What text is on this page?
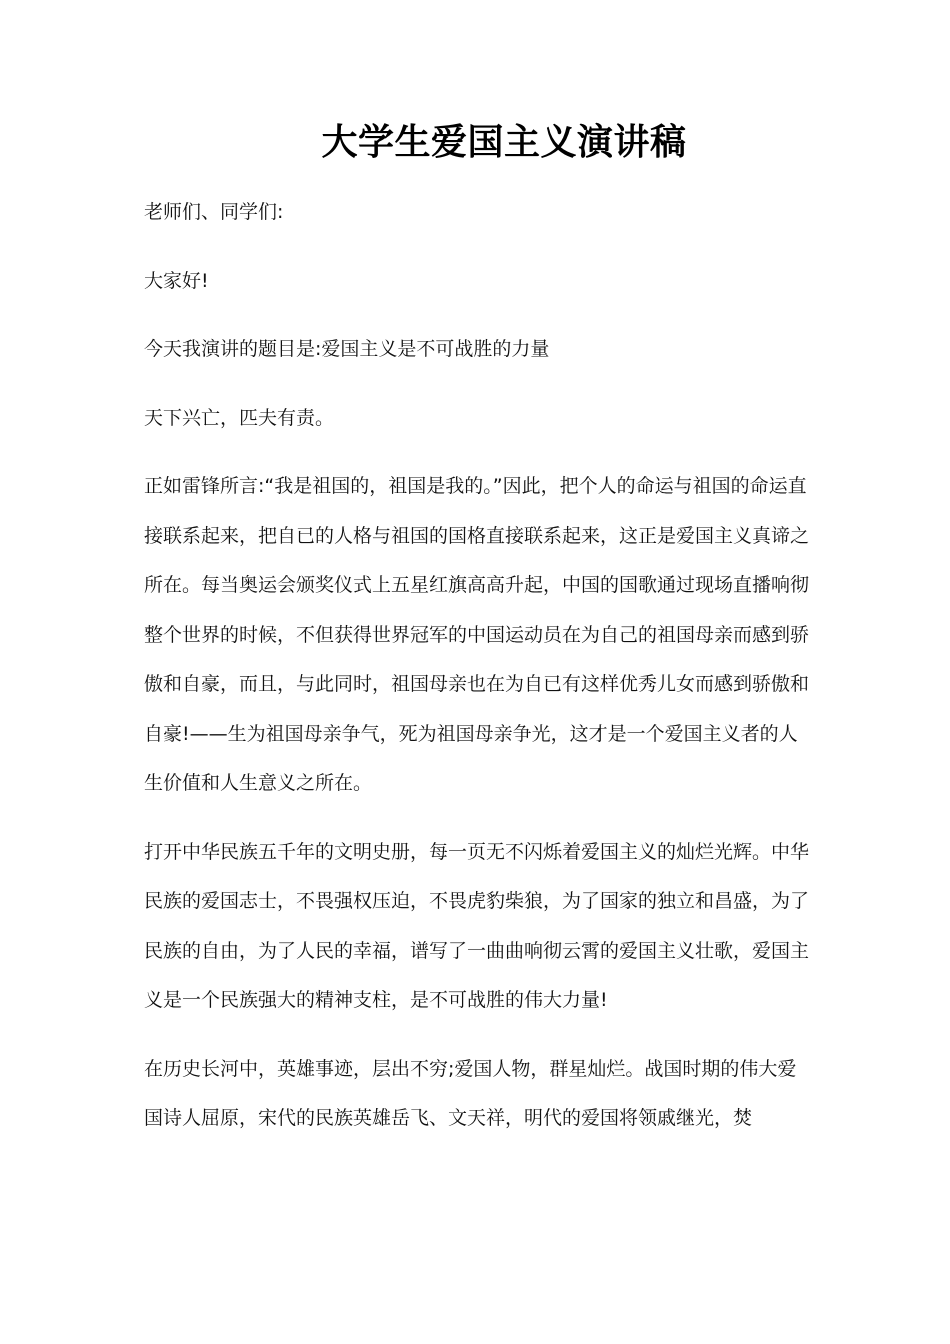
大学生爱国主义演讲稿

老师们、同学们:

大家好!

今天我演讲的题目是:爱国主义是不可战胜的力量

天下兴亡，匹夫有责。

正如雷锋所言:“我是祖国的，祖国是我的。”因此，把个人的命运与祖国的命运直接联系起来，把自已的人格与祖国的国格直接联系起来，这正是爱国主义真谛之所在。每当奥运会颁奖仪式上五星红旗高高升起，中国的国歌通过现场直播响彻整个世界的时候，不但获得世界冠军的中国运动员在为自己的祖国母亲而感到骄傲和自豪，而且，与此同时，祖国母亲也在为自已有这样优秀儿女而感到骄傲和自豪!——生为祖国母亲争气，死为祖国母亲争光，这才是一个爱国主义者的人生价值和人生意义之所在。

打开中华民族五千年的文明史册，每一页无不闪烁着爱国主义的灿烂光辉。中华民族的爱国志士，不畏强权压迫，不畏虎豹柴狼，为了国家的独立和昌盛，为了民族的自由，为了人民的幸福，谱写了一曲曲响彻云霄的爱国主义壮歌，爱国主义是一个民族强大的精神支柱，是不可战胜的伟大力量!

在历史长河中，英雄事迹，层出不穷;爱国人物，群星灿烂。战国时期的伟大爱国诗人屈原，宋代的民族英雄岳飞、文天祥，明代的爱国将领戚继光，焚
